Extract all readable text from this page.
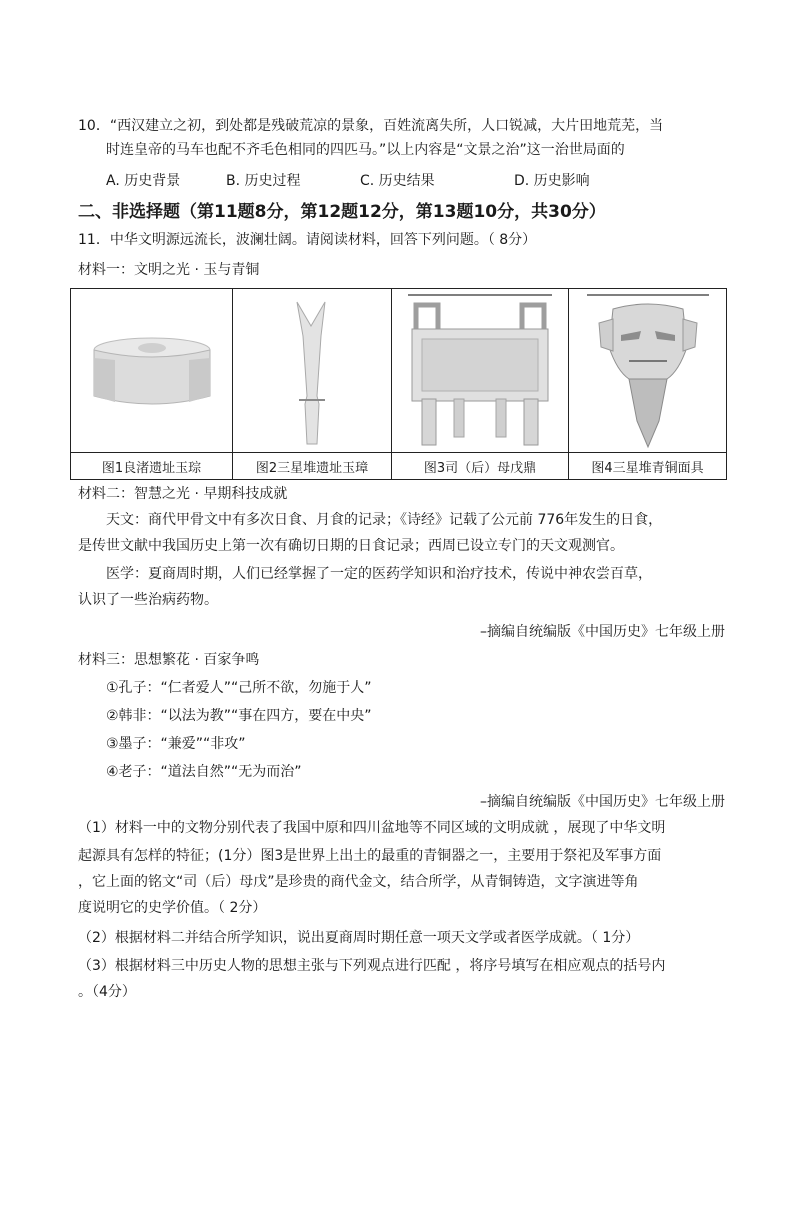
10．“西汉建立之初，到处都是残破荒凉的景象，百姓流离失所，人口锐减，大片田地荒芜，当
时连皇帝的马车也配不齐毛色相同的四匹马。”以上内容是“文景之治”这一治世局面的
A. 历史背景	B. 历史过程	C. 历史结果	D. 历史影响
二、非选择题（第11题8分，第12题12分，第13题10分，共30分）
11．中华文明源远流长，波澜壮阔。请阅读材料，回答下列问题。（ 8分）
材料一：文明之光 · 玉与青铜

图1良渚遗址玉琮	图2三星堆遗址玉璋	图3司（后）母戊鼎	图4三星堆青铜面具
材料二：智慧之光 · 早期科技成就
天文：商代甲骨文中有多次日食、月食的记录；《诗经》记载了公元前 776年发生的日食，
是传世文献中我国历史上第一次有确切日期的日食记录；西周已设立专门的天文观测官。
医学：夏商周时期，人们已经掌握了一定的医药学知识和治疗技术，传说中神农尝百草，
认识了一些治病药物。
–摘编自统编版《中国历史》七年级上册
材料三：思想繁花 · 百家争鸣
①孔子：“仁者爱人”“己所不欲，勿施于人”
②韩非：“以法为教”“事在四方，要在中央”
③墨子：“兼爱”“非攻”
④老子：“道法自然”“无为而治”
–摘编自统编版《中国历史》七年级上册
（1）材料一中的文物分别代表了我国中原和四川盆地等不同区域的文明成就 ，展现了中华文明
起源具有怎样的特征；(1分）图3是世界上出土的最重的青铜器之一，主要用于祭祀及军事方面
，它上面的铭文“司（后）母戊”是珍贵的商代金文，结合所学，从青铜铸造，文字演进等角
度说明它的史学价值。（ 2分）
（2）根据材料二并结合所学知识，说出夏商周时期任意一项天文学或者医学成就。（ 1分）
（3）根据材料三中历史人物的思想主张与下列观点进行匹配 ，将序号填写在相应观点的括号内
。（4分）
